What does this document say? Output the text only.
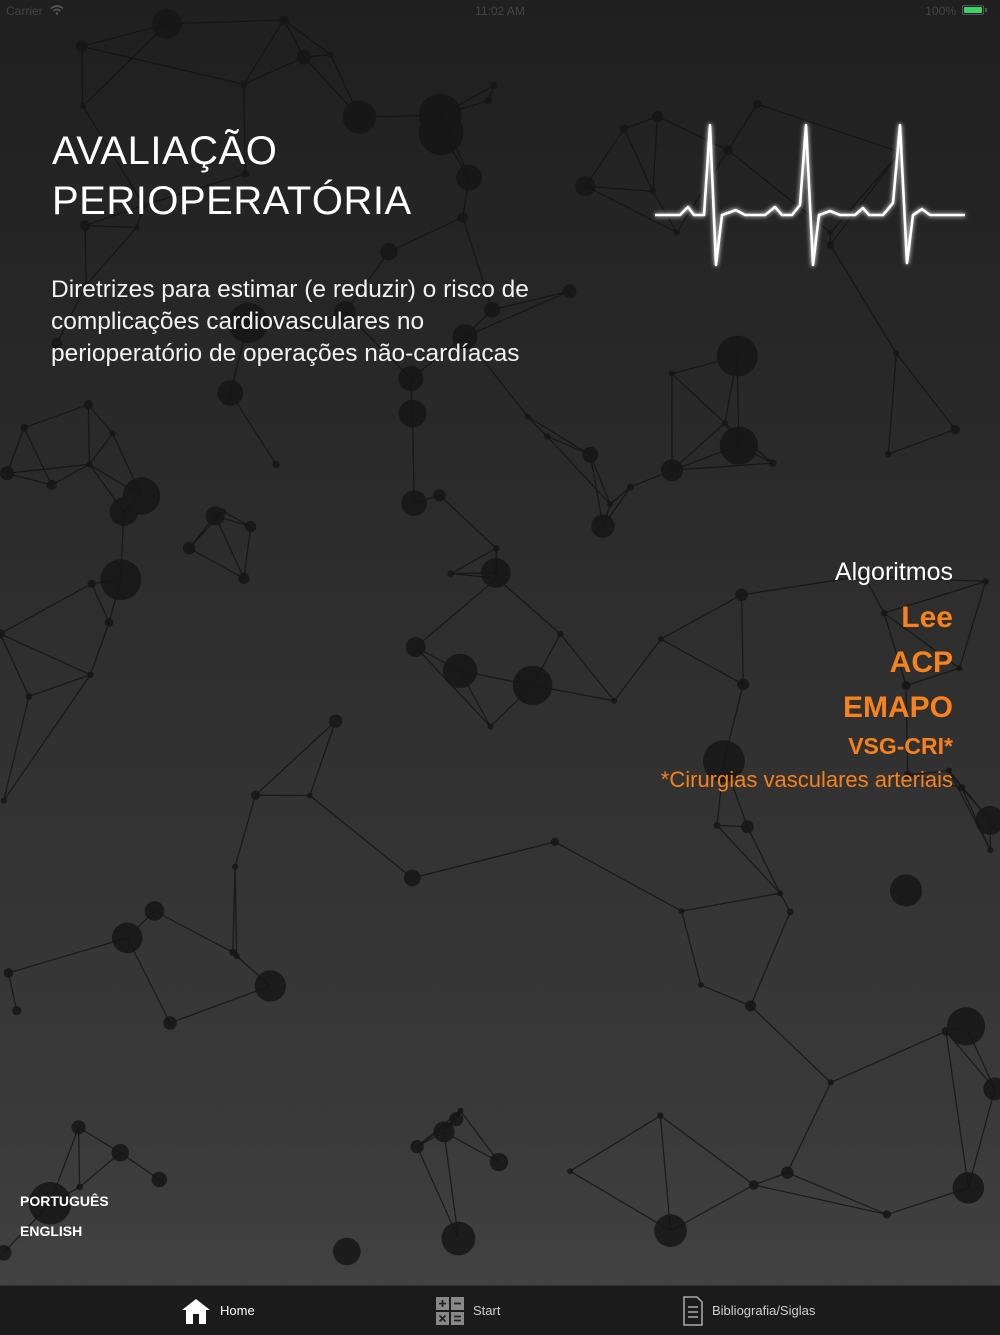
Carrier	11:02 AM	100%
AVALIAÇÃO
PERIOPERATÓRIA

Diretrizes para estimar (e reduzir) o risco de complicações cardiovasculares no perioperatório de operações não-cardíacas

Algoritmos
Lee
ACP
EMAPO
VSG-CRI*
*Cirurgias vasculares arteriais
PORTUGUÊS
ENGLISH
Home	Start	Bibliografia/Siglas
